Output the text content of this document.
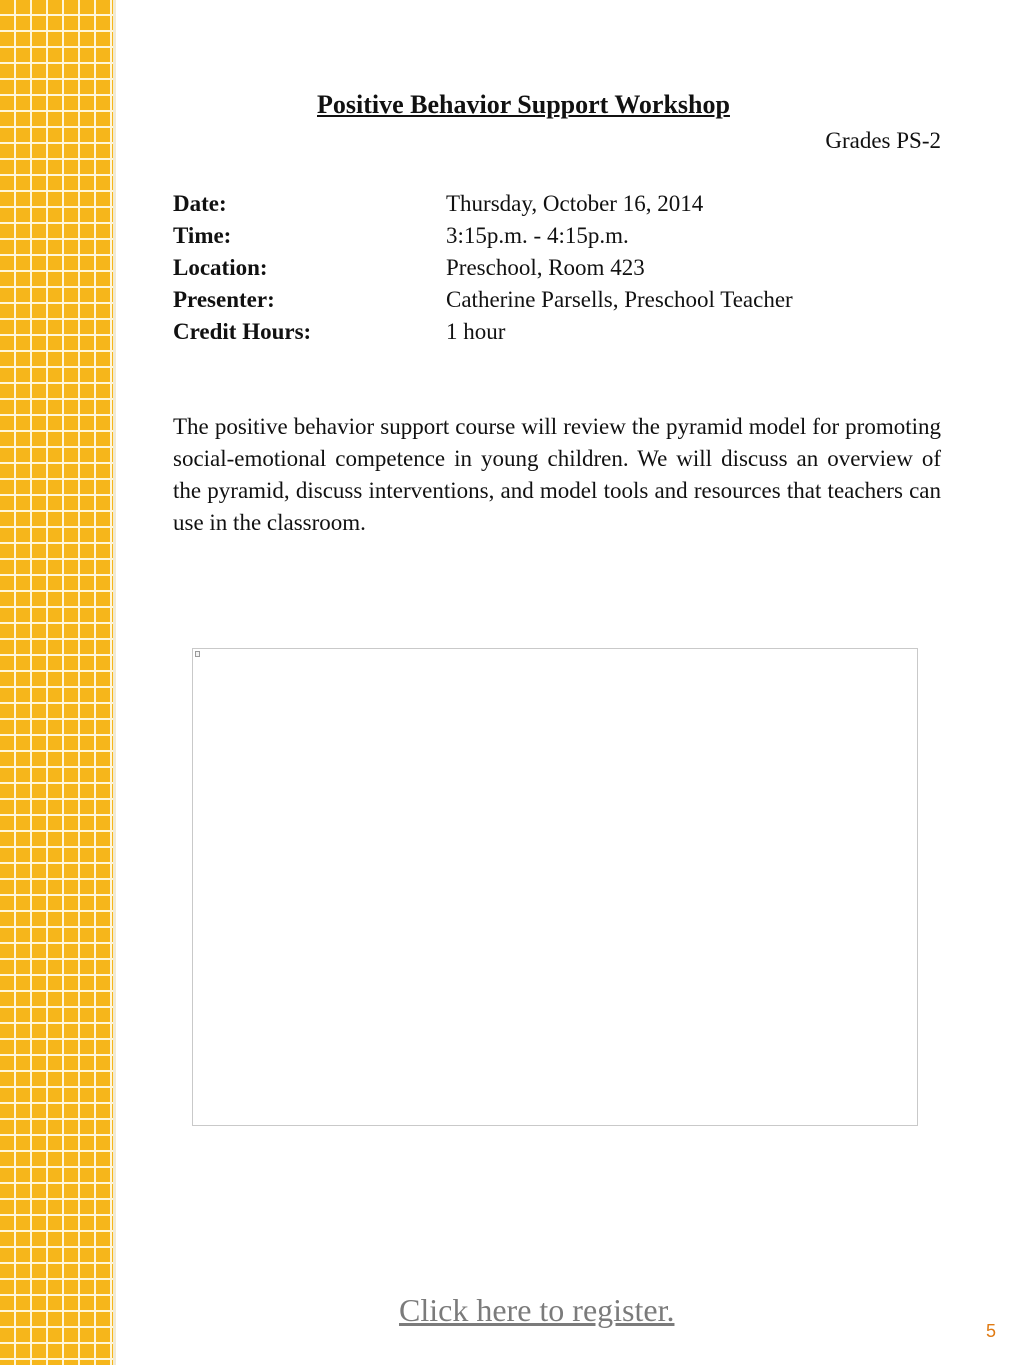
Positive Behavior Support Workshop
Grades PS-2
Date:	Thursday, October 16, 2014
Time:	3:15p.m. - 4:15p.m.
Location:	Preschool, Room 423
Presenter:	Catherine Parsells, Preschool Teacher
Credit Hours:	1 hour

The positive behavior support course will review the pyramid model for promoting social-emotional competence in young children. We will discuss an overview of the pyramid, discuss interventions, and model tools and resources that teachers can use in the classroom.

Click here to register.
5
